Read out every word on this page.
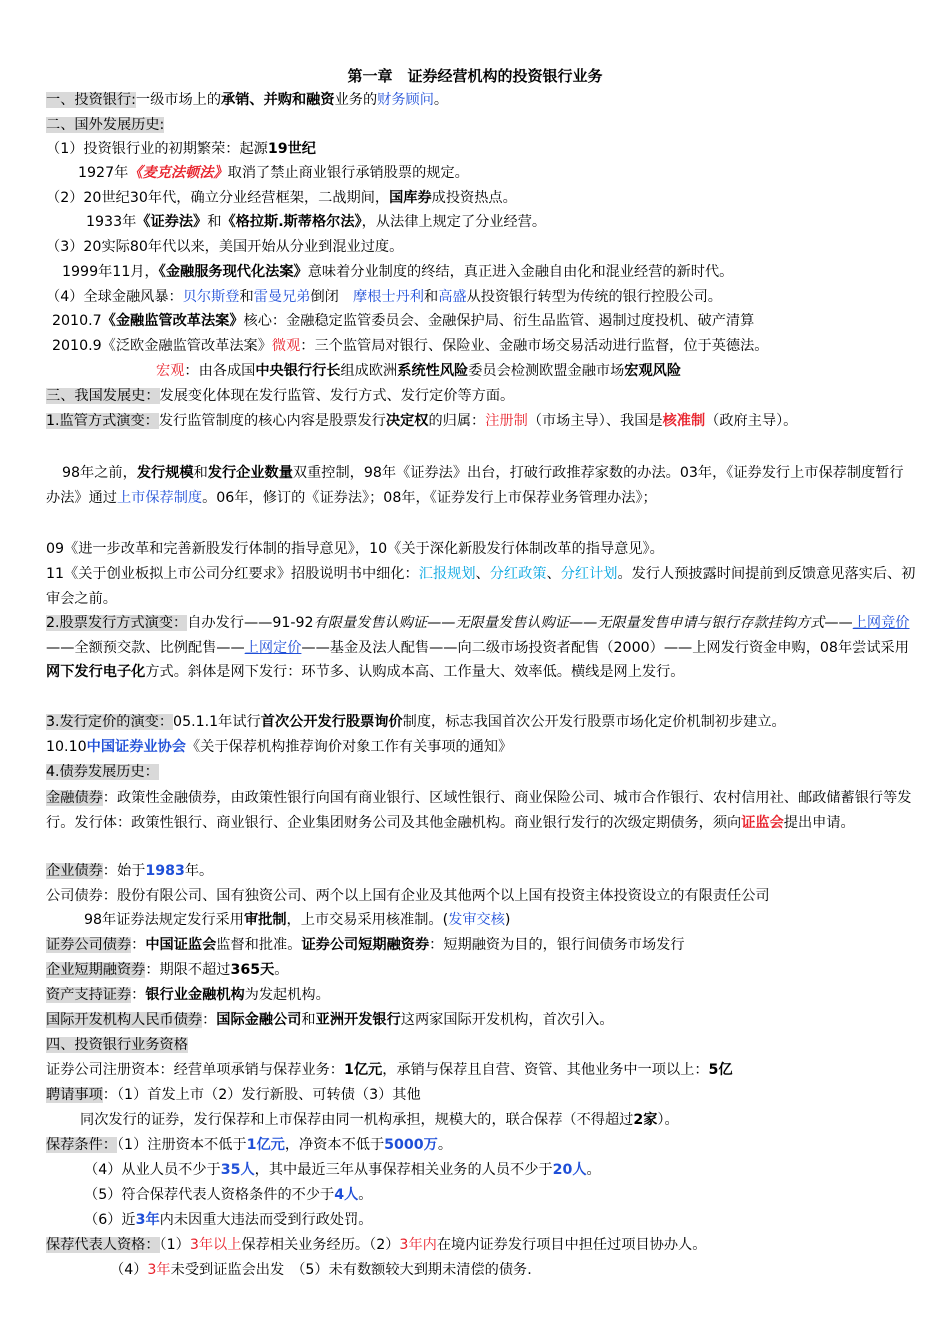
第一章　证券经营机构的投资银行业务
一、投资银行:一级市场上的承销、并购和融资业务的财务顾问。
二、国外发展历史:
（1）投资银行业的初期繁荣：起源19世纪
1927年《麦克法顿法》取消了禁止商业银行承销股票的规定。
（2）20世纪30年代，确立分业经营框架，二战期间，国库券成投资热点。
1933年《证券法》和《格拉斯.斯蒂格尔法》，从法律上规定了分业经营。
（3）20实际80年代以来，美国开始从分业到混业过度。
1999年11月，《金融服务现代化法案》意味着分业制度的终结，真正进入金融自由化和混业经营的新时代。
（4）全球金融风暴：贝尔斯登和雷曼兄弟倒闭　摩根士丹利和高盛从投资银行转型为传统的银行控股公司。
2010.7《金融监管改革法案》核心：金融稳定监管委员会、金融保护局、衍生品监管、遏制过度投机、破产清算
2010.9《泛欧金融监管改革法案》微观：三个监管局对银行、保险业、金融市场交易活动进行监督，位于英德法。
宏观：由各成国中央银行行长组成欧洲系统性风险委员会检测欧盟金融市场宏观风险
三、我国发展史：发展变化体现在发行监管、发行方式、发行定价等方面。
1.监管方式演变：发行监管制度的核心内容是股票发行决定权的归属：注册制（市场主导）、我国是核准制（政府主导）。
98年之前，发行规模和发行企业数量双重控制，98年《证券法》出台，打破行政推荐家数的办法。03年，《证券发行上市保荐制度暂行办法》通过上市保荐制度。06年，修订的《证券法》；08年，《证券发行上市保荐业务管理办法》；
09《进一步改革和完善新股发行体制的指导意见》，10《关于深化新股发行体制改革的指导意见》。
11《关于创业板拟上市公司分红要求》招股说明书中细化：汇报规划、分红政策、分红计划。发行人预披露时间提前到反馈意见落实后、初审会之前。
2.股票发行方式演变：自办发行——91-92有限量发售认购证——无限量发售认购证——无限量发售申请与银行存款挂钩方式——上网竞价——全额预交款、比例配售——上网定价——基金及法人配售——向二级市场投资者配售（2000）——上网发行资金申购，08年尝试采用网下发行电子化方式。斜体是网下发行：环节多、认购成本高、工作量大、效率低。横线是网上发行。
3.发行定价的演变：05.1.1年试行首次公开发行股票询价制度，标志我国首次公开发行股票市场化定价机制初步建立。
10.10中国证券业协会《关于保荐机构推荐询价对象工作有关事项的通知》
4.债券发展历史：
金融债券：政策性金融债券，由政策性银行向国有商业银行、区域性银行、商业保险公司、城市合作银行、农村信用社、邮政储蓄银行等发行。发行体：政策性银行、商业银行、企业集团财务公司及其他金融机构。商业银行发行的次级定期债务，须向证监会提出申请。
企业债券：始于1983年。
公司债券：股份有限公司、国有独资公司、两个以上国有企业及其他两个以上国有投资主体投资设立的有限责任公司
98年证券法规定发行采用审批制，上市交易采用核准制。(发审交核)
证券公司债券：中国证监会监督和批准。证券公司短期融资券：短期融资为目的，银行间债务市场发行
企业短期融资券：期限不超过365天。
资产支持证券：银行业金融机构为发起机构。
国际开发机构人民币债券：国际金融公司和亚洲开发银行这两家国际开发机构，首次引入。
四、投资银行业务资格
证券公司注册资本：经营单项承销与保荐业务：1亿元，承销与保荐且自营、资管、其他业务中一项以上：5亿
聘请事项：（1）首发上市（2）发行新股、可转债（3）其他
同次发行的证券，发行保荐和上市保荐由同一机构承担，规模大的，联合保荐（不得超过2家）。
保荐条件：（1）注册资本不低于1亿元，净资本不低于5000万。
（4）从业人员不少于35人，其中最近三年从事保荐相关业务的人员不少于20人。
（5）符合保荐代表人资格条件的不少于4人。
（6）近3年内未因重大违法而受到行政处罚。
保荐代表人资格：（1）3年以上保荐相关业务经历。（2）3年内在境内证券发行项目中担任过项目协办人。
（4）3年未受到证监会出发　（5）未有数额较大到期未清偿的债务.
